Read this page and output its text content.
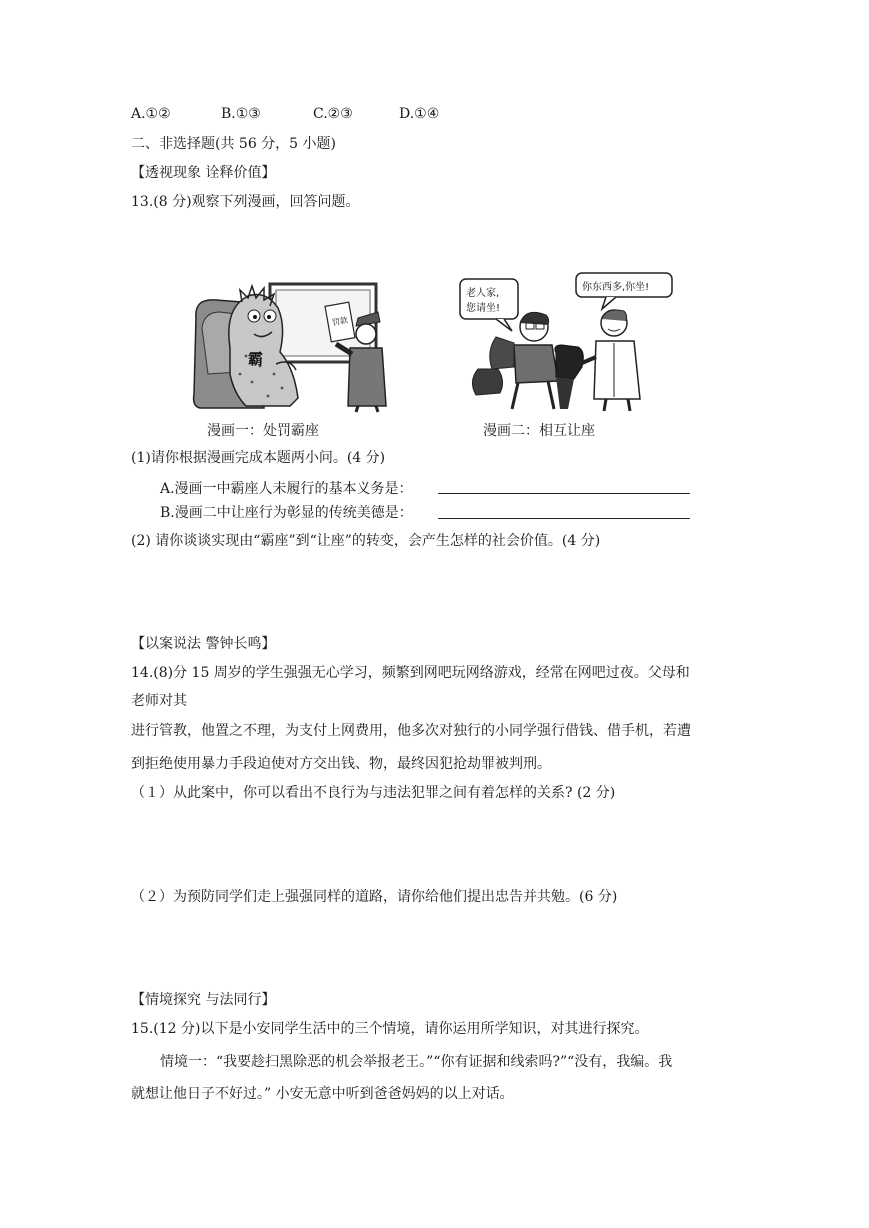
A.①②	B.①③	C.②③	D.①④
二、非选择题(共 56 分，5 小题)
【透视现象 诠释价值】
13.(8 分)观察下列漫画，回答问题。
霸
罚款
漫画一：处罚霸座
老人家,
您请坐!
你东西多,你坐!
漫画二：相互让座
(1)请你根据漫画完成本题两小问。(4 分)
A.漫画一中霸座人未履行的基本义务是：
B.漫画二中让座行为彰显的传统美德是：
(2) 请你谈谈实现由“霸座”到“让座”的转变，会产生怎样的社会价值。(4 分)
【以案说法 警钟长鸣】
14.(8)分 15 周岁的学生强强无心学习，频繁到网吧玩网络游戏，经常在网吧过夜。父母和
老师对其
进行管教，他置之不理，为支付上网费用，他多次对独行的小同学强行借钱、借手机，若遭
到拒绝使用暴力手段迫使对方交出钱、物，最终因犯抢劫罪被判刑。
（１）从此案中，你可以看出不良行为与违法犯罪之间有着怎样的关系? (2 分)
（２）为预防同学们走上强强同样的道路，请你给他们提出忠告并共勉。(6 分)
【情境探究 与法同行】
15.(12 分)以下是小安同学生活中的三个情境，请你运用所学知识，对其进行探究。
情境一：“我要趁扫黑除恶的机会举报老王。”“你有证据和线索吗?”“没有，我编。我
就想让他日子不好过。” 小安无意中听到爸爸妈妈的以上对话。
